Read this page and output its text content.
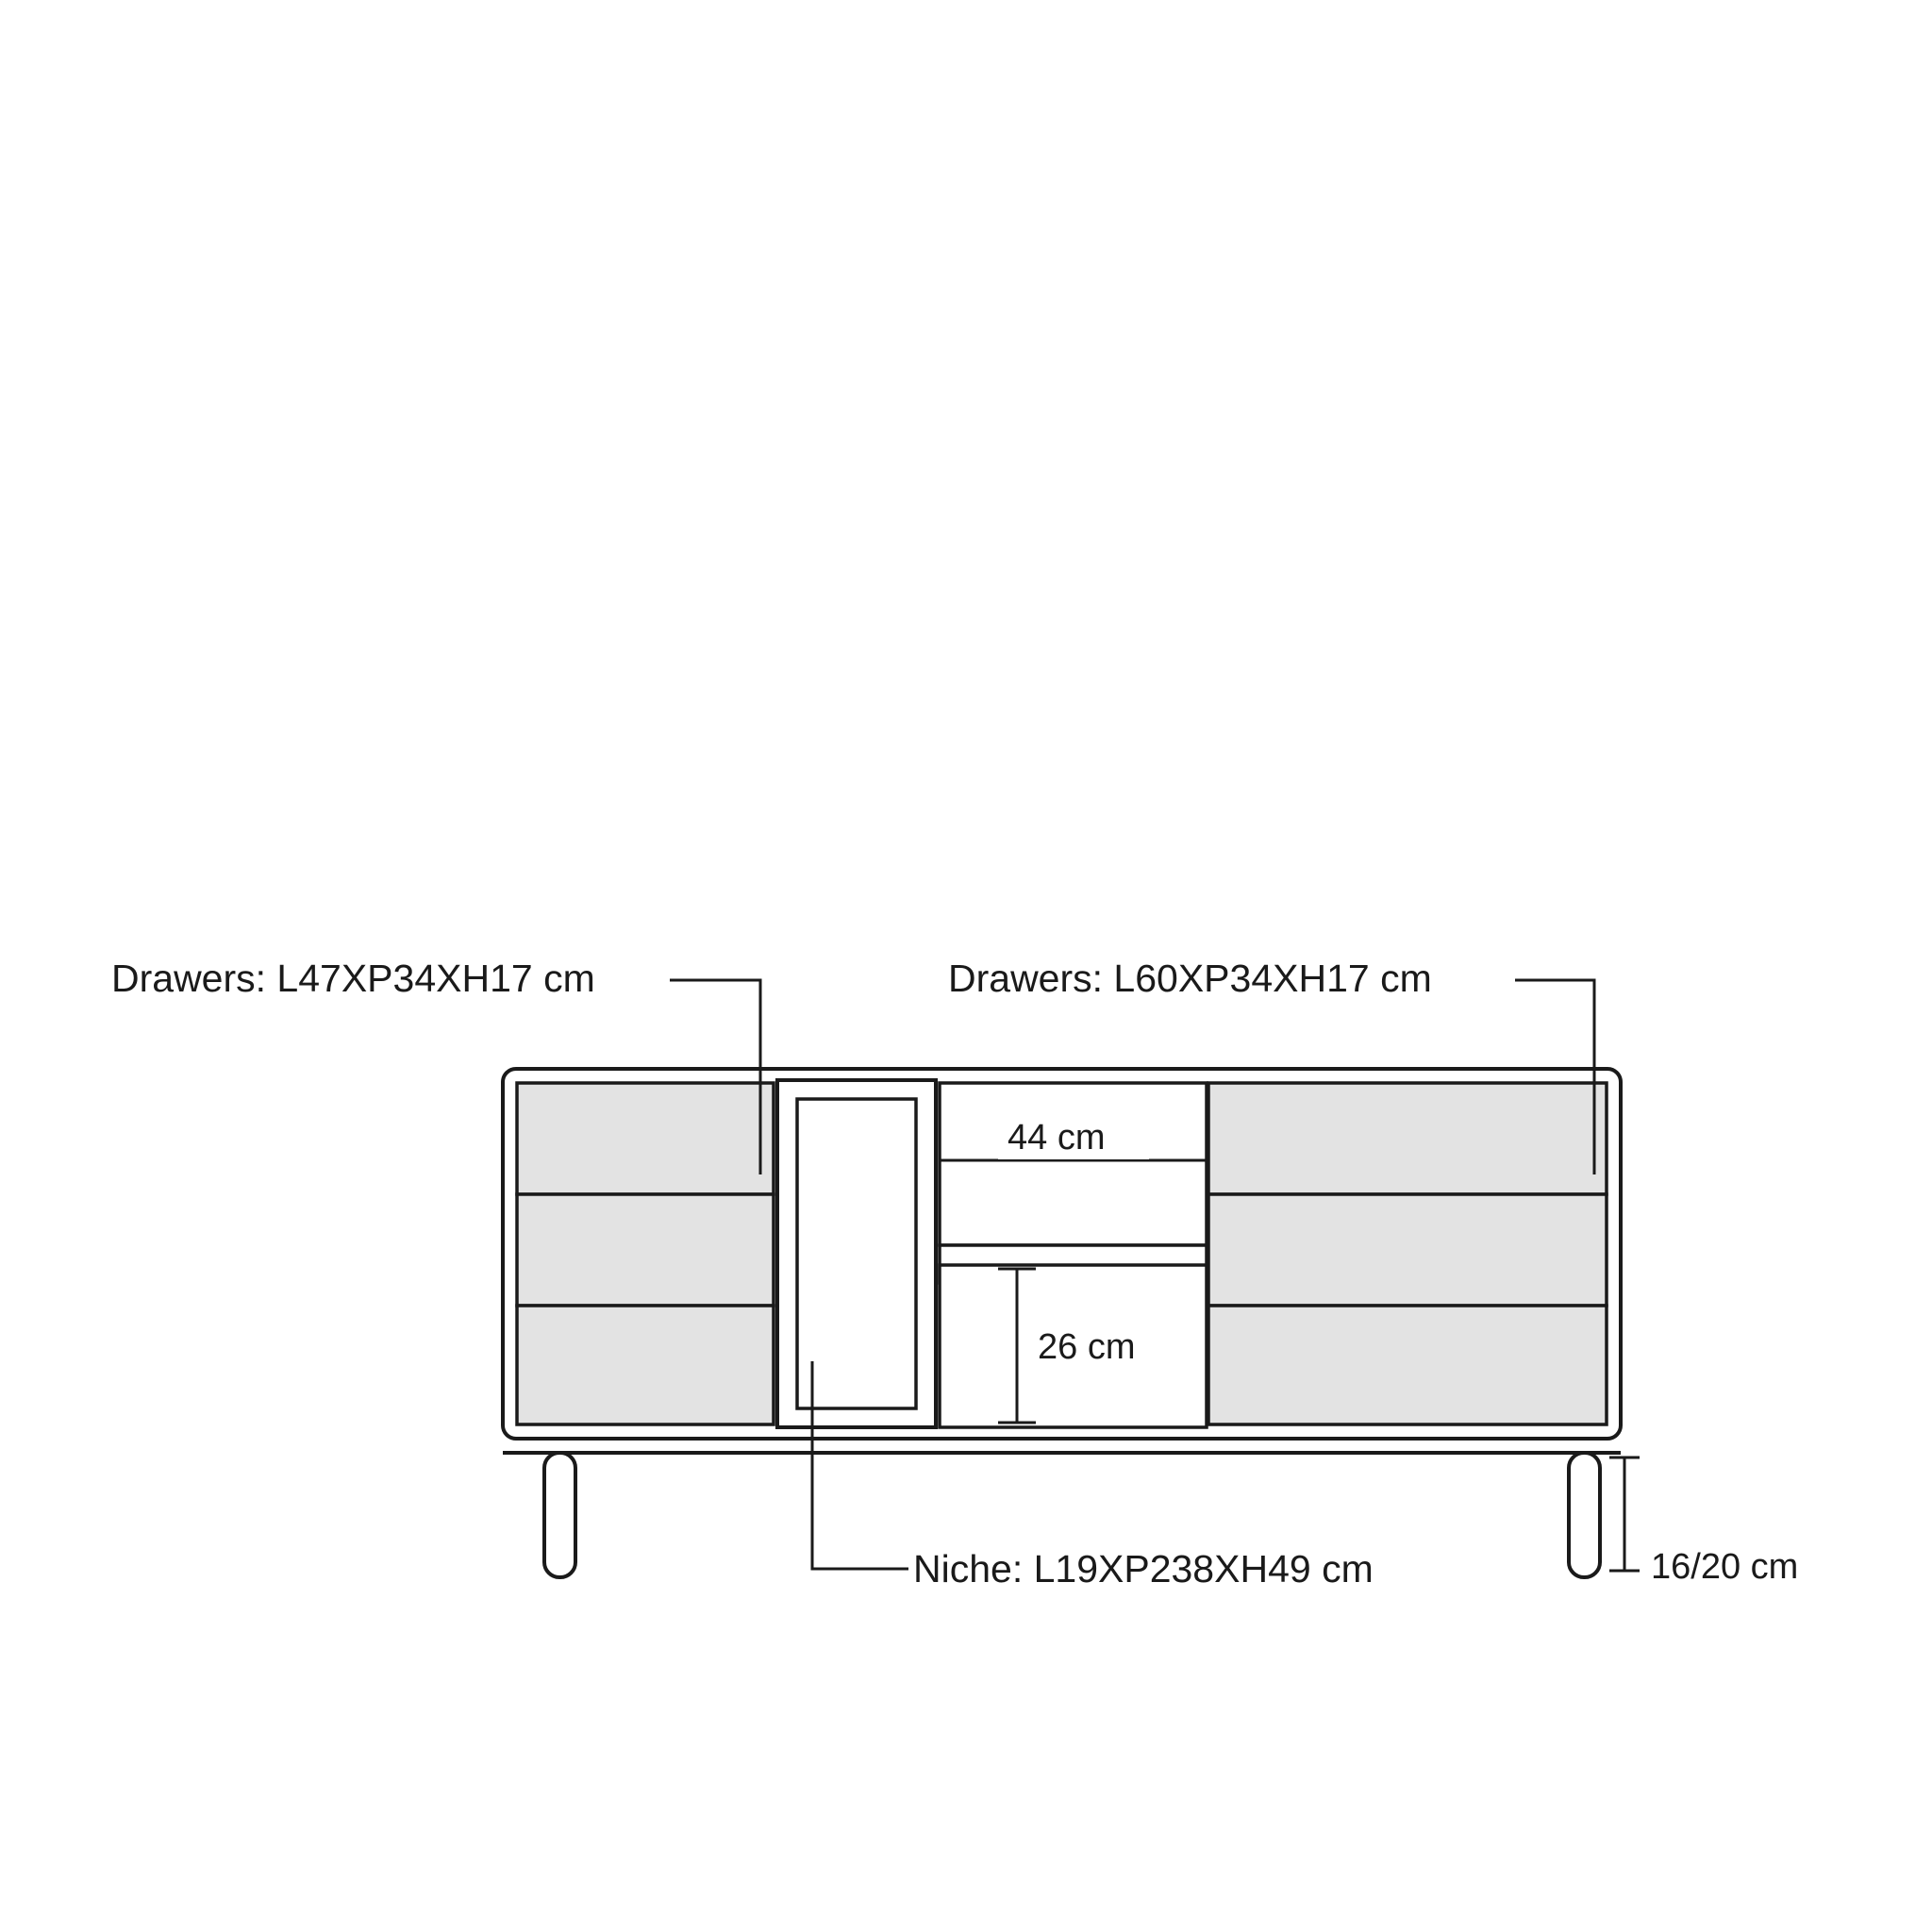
Drawers: L47XP34XH17 cm	Drawers: L60XP34XH17 cm
Niche: L19XP238XH49 cm
44 cm
26 cm
16/20 cm
